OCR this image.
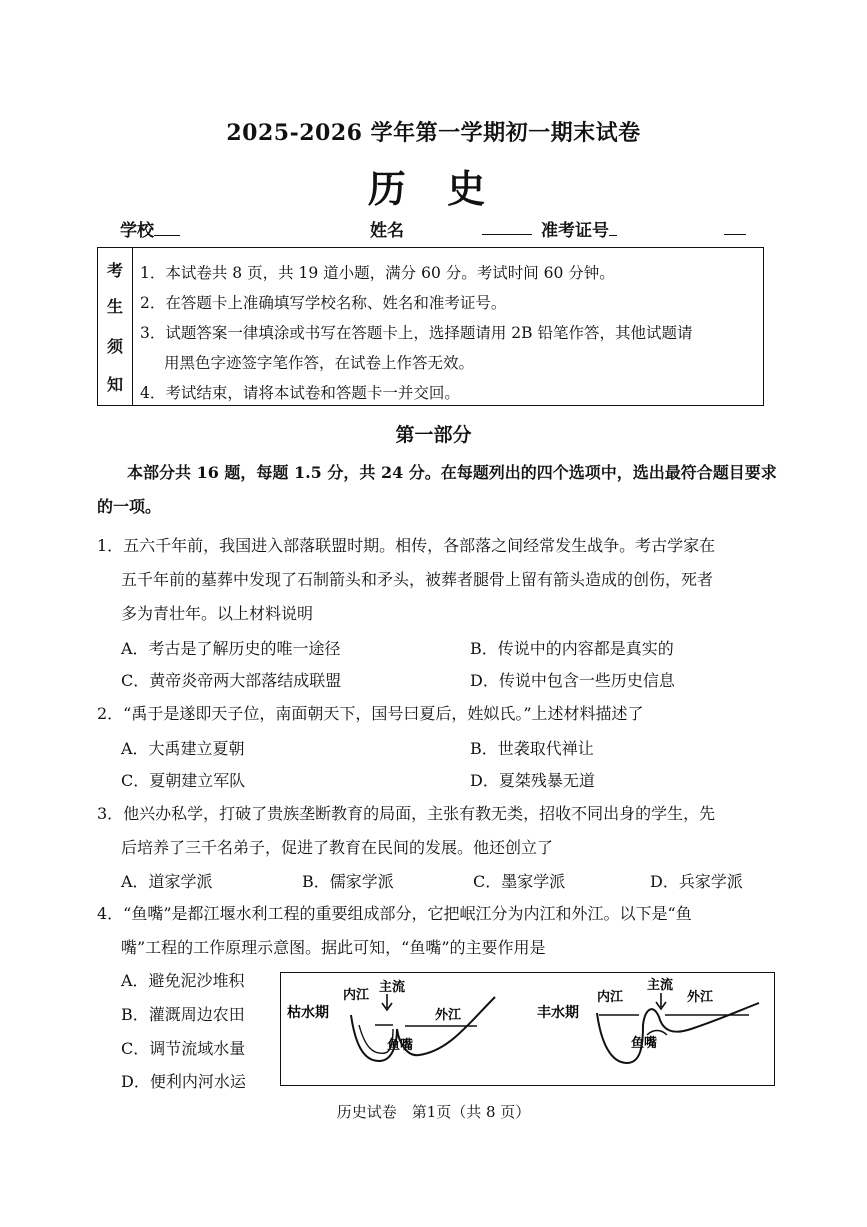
2025-2026 学年第一学期初一期末试卷
历 史
学校	姓名	准考证号
考
生
须
知
1．本试卷共 8 页，共 19 道小题，满分 60 分。考试时间 60 分钟。
2．在答题卡上准确填写学校名称、姓名和准考证号。
3．试题答案一律填涂或书写在答题卡上，选择题请用 2B 铅笔作答，其他试题请
用黑色字迹签字笔作答，在试卷上作答无效。
4．考试结束，请将本试卷和答题卡一并交回。
第一部分
本部分共 16 题，每题 1.5 分，共 24 分。在每题列出的四个选项中，选出最符合题目要求的一项。
1．五六千年前，我国进入部落联盟时期。相传，各部落之间经常发生战争。考古学家在
五千年前的墓葬中发现了石制箭头和矛头，被葬者腿骨上留有箭头造成的创伤，死者
多为青壮年。以上材料说明
A．考古是了解历史的唯一途径	B．传说中的内容都是真实的
C．黄帝炎帝两大部落结成联盟	D．传说中包含一些历史信息
2．“禹于是遂即天子位，南面朝天下，国号曰夏后，姓姒氏。”上述材料描述了
A．大禹建立夏朝	B．世袭取代禅让
C．夏朝建立军队	D．夏桀残暴无道
3．他兴办私学，打破了贵族垄断教育的局面，主张有教无类，招收不同出身的学生，先
后培养了三千名弟子，促进了教育在民间的发展。他还创立了
A．道家学派	B．儒家学派	C．墨家学派	D．兵家学派
4．“鱼嘴”是都江堰水利工程的重要组成部分，它把岷江分为内江和外江。以下是“鱼
嘴”工程的工作原理示意图。据此可知，“鱼嘴”的主要作用是
A．避免泥沙堆积
B．灌溉周边农田
C．调节流域水量
D．便利内河水运
枯水期
内江
主流
外江
鱼嘴
丰水期
内江
主流
外江
鱼嘴
历史试卷　第1页（共 8 页）
